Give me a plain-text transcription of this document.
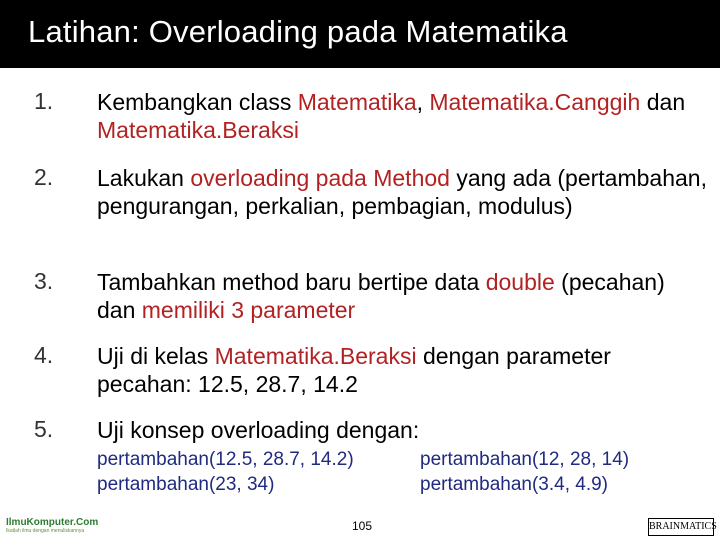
Latihan: Overloading pada Matematika
1. Kembangkan class Matematika, Matematika.Canggih dan Matematika.Beraksi
2. Lakukan overloading pada Method yang ada (pertambahan, pengurangan, perkalian, pembagian, modulus)
3. Tambahkan method baru bertipe data double (pecahan) dan memiliki 3 parameter
4. Uji di kelas Matematika.Beraksi dengan parameter pecahan: 12.5, 28.7, 14.2
5. Uji konsep overloading dengan:
pertambahan(12.5, 28.7, 14.2)	pertambahan(12, 28, 14)
pertambahan(23, 34)	pertambahan(3.4, 4.9)
IlmuKomputer.Com
Ikatlah ilmu dengan menuliskannya	105	BRAINMATICS
